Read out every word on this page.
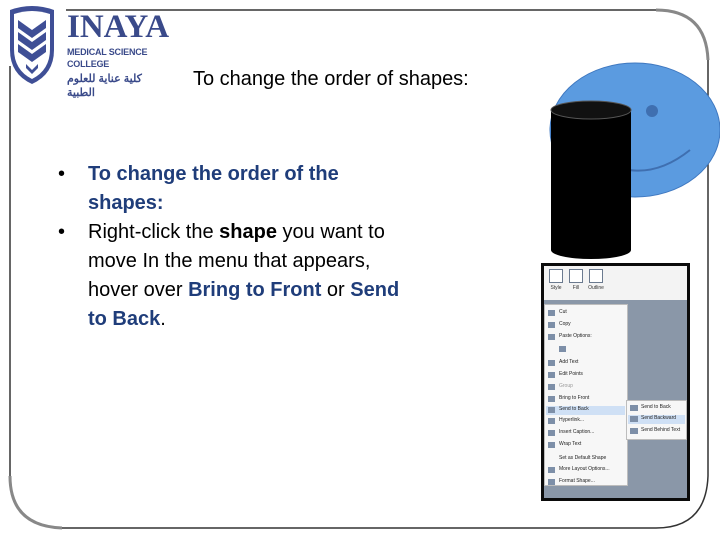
INAYA
MEDICAL SCIENCE COLLEGE
كلية عناية للعلوم الطبية
To change the order of shapes:
• To change the order of the shapes:
• Right-click the shape you want to move In the menu that appears, hover over Bring to Front or Send to Back.
Style	Fill	Outline
Cut
Copy
Paste Options:
Add Text
Edit Points
Group
Bring to Front
Send to Back
Hyperlink...
Insert Caption...
Wrap Text
Set as Default Shape
More Layout Options...
Format Shape...
Send to Back
Send Backward
Send Behind Text
